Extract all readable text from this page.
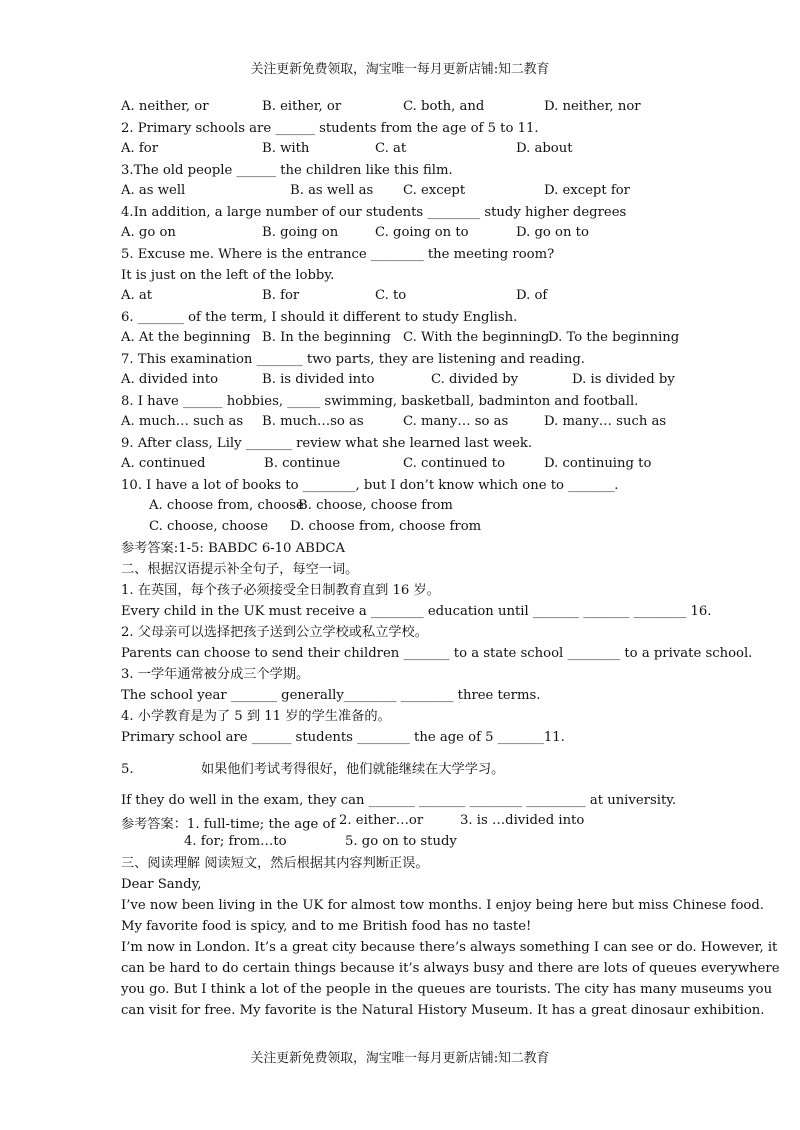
关注更新免费领取，淘宝唯一每月更新店铺:知二教育
A. neither, or	B. either, or	C. both, and	D. neither, nor
2. Primary schools are ______ students from the age of 5 to 11.
A. for	B. with	C. at	D. about
3.The old people ______ the children like this film.
A. as well	B. as well as C. except	D. except for
4.In addition, a large number of our students ________ study higher degrees
A. go on	B. going on	C. going on to	D. go on to
5. Excuse me. Where is the entrance ________ the meeting room?
It is just on the left of the lobby.
A. at	B. for	C. to	D. of
6. _______ of the term, I should it different to study English.
A. At the beginning B. In the beginning C. With the beginning
D. To the beginning
7. This examination _______ two parts, they are listening and reading.
A. divided into	B. is divided into	C. divided by	D. is divided by
8. I have ______ hobbies, _____ swimming, basketball, badminton and football.
A. much… such as B. much…so as	C. many… so as	D. many… such as
9. After class, Lily _______ review what she learned last week.
A. continued	B. continue	C. continued to	D. continuing to
10. I have a lot of books to ________, but I don’t know which one to _______.
A. choose from, choose
B. choose, choose from
C. choose, choose D. choose from, choose from
参考答案:1-5: BABDC 6-10 ABDCA
二、根据汉语提示补全句子，每空一词。
1. 在英国，每个孩子必须接受全日制教育直到 16 岁。
Every child in the UK must receive a ________ education until _______ _______ ________ 16.
2. 父母亲可以选择把孩子送到公立学校或私立学校。
Parents can choose to send their children _______ to a state school ________ to a private school.
3. 一学年通常被分成三个学期。
The school year _______ generally________ ________ three terms.
4. 小学教育是为了 5 到 11 岁的学生准备的。
Primary school are ______ students ________ the age of 5 _______11.
5.	如果他们考试考得很好，他们就能继续在大学学习。
If they do well in the exam, they can _______ _______ ________ _________ at university.
参考答案：1. full-time; the age of 2. either…or	3. is …divided into
4. for; from…to	5. go on to study
三、阅读理解 阅读短文，然后根据其内容判断正误。
Dear Sandy,
I’ve now been living in the UK for almost tow months. I enjoy being here but miss Chinese food.
My favorite food is spicy, and to me British food has no taste!
I’m now in London. It’s a great city because there’s always something I can see or do. However, it
can be hard to do certain things because it’s always busy and there are lots of queues everywhere
you go. But I think a lot of the people in the queues are tourists. The city has many museums you
can visit for free. My favorite is the Natural History Museum. It has a great dinosaur exhibition.
关注更新免费领取，淘宝唯一每月更新店铺:知二教育
